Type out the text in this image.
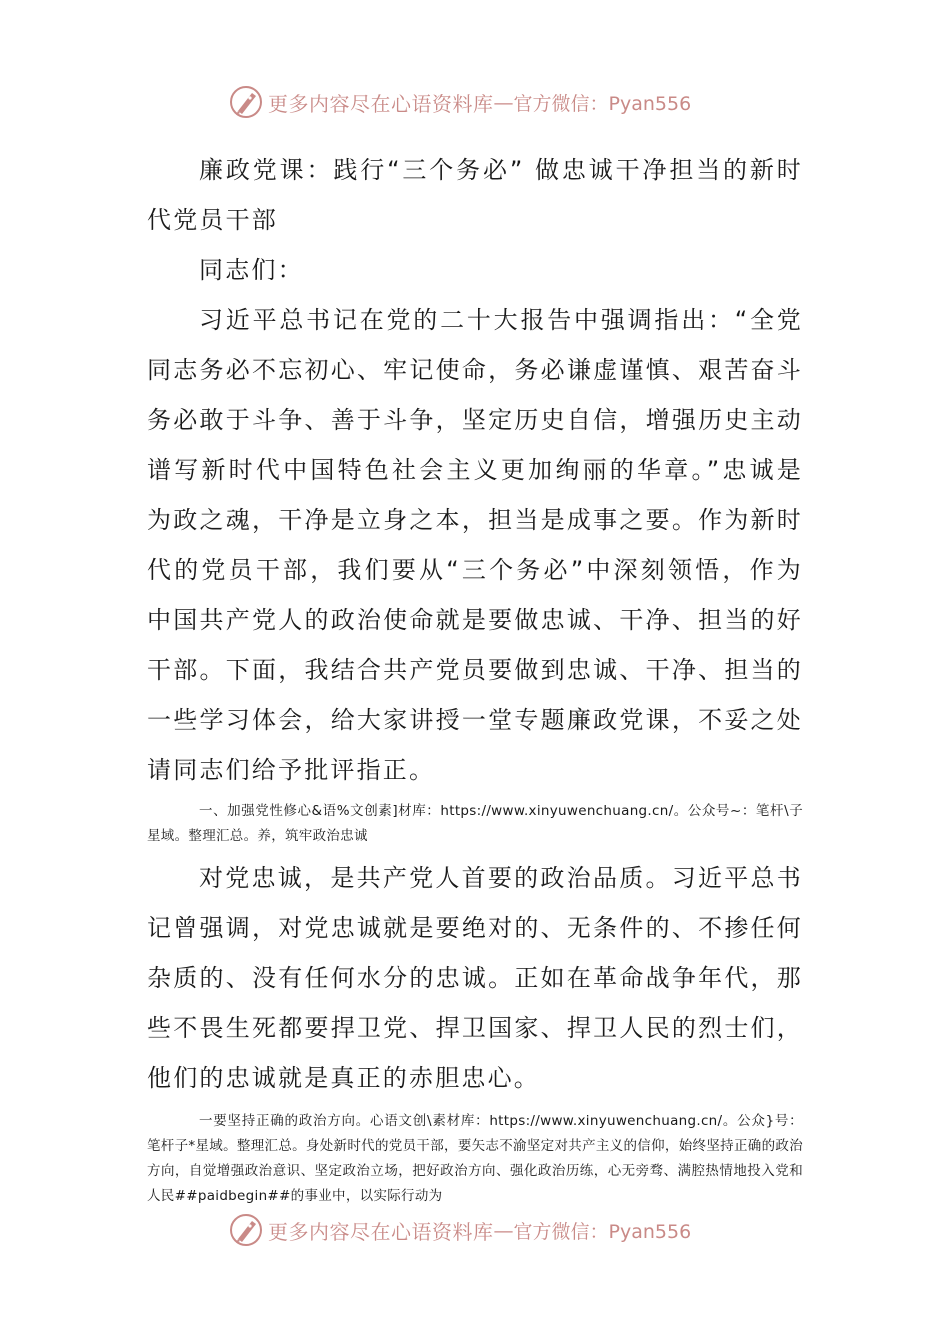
更多内容尽在心语资料库 — 官方微信：Pyan556

廉政党课：践行“三个务必” 做忠诚干净担当的新时代党员干部

同志们：

习近平总书记在党的二十大报告中强调指出：“全党同志务必不忘初心、牢记使命，务必谦虚谨慎、艰苦奋斗务必敢于斗争、善于斗争，坚定历史自信，增强历史主动谱写新时代中国特色社会主义更加绚丽的华章。”忠诚是为政之魂，干净是立身之本，担当是成事之要。作为新时代的党员干部，我们要从“三个务必”中深刻领悟，作为中国共产党人的政治使命就是要做忠诚、干净、担当的好干部。下面，我结合共产党员要做到忠诚、干净、担当的一些学习体会，给大家讲授一堂专题廉政党课，不妥之处请同志们给予批评指正。

一、加强党性修心&语%文创素]材库：https://www.xinyuwenchuang.cn/。公众号~：笔杆\子星域。整理汇总。养，筑牢政治忠诚

对党忠诚，是共产党人首要的政治品质。习近平总书记曾强调，对党忠诚就是要绝对的、无条件的、不掺任何杂质的、没有任何水分的忠诚。正如在革命战争年代，那些不畏生死都要捍卫党、捍卫国家、捍卫人民的烈士们，他们的忠诚就是真正的赤胆忠心。

一要坚持正确的政治方向。心语文创\素材库：https://www.xinyuwenchuang.cn/。公众}号：笔杆子*星域。整理汇总。身处新时代的党员干部，要矢志不渝坚定对共产主义的信仰，始终坚持正确的政治方向，自觉增强政治意识、坚定政治立场，把好政治方向、强化政治历练，心无旁骛、满腔热情地投入党和人民##paidbegin##的事业中，以实际行动为

更多内容尽在心语资料库 — 官方微信：Pyan556
